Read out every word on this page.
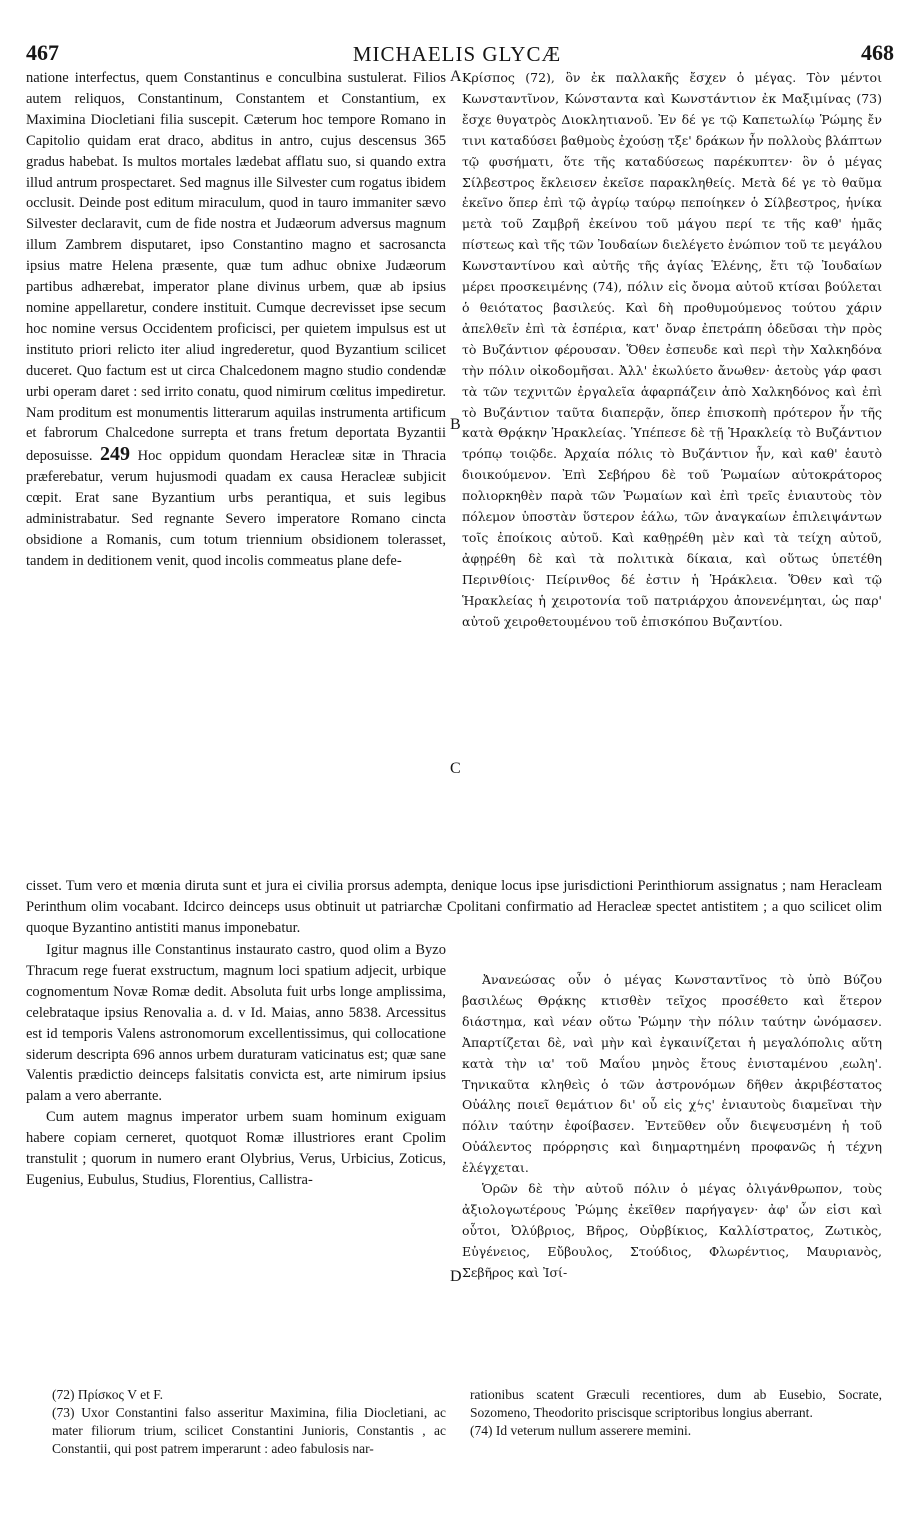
467	MICHAELIS GLYCÆ	468
A
B
C
D

natione interfectus, quem Constantinus e conculbina sustulerat. Filios autem reliquos, Constantinum, Constantem et Constantium, ex Maximina Diocletiani filia suscepit. Cæterum hoc tempore Romano in Capitolio quidam erat draco, abditus in antro, cujus descensus 365 gradus habebat. Is multos mortales lædebat afflatu suo, si quando extra illud antrum prospectaret. Sed magnus ille Silvester cum rogatus ibidem occlusit. Deinde post editum miraculum, quod in tauro immaniter sævo Silvester declaravit, cum de fide nostra et Judæorum adversus magnum illum Zambrem disputaret, ipso Constantino magno et sacrosancta ipsius matre Helena præsente, quæ tum adhuc obnixe Judæorum partibus adhærebat, imperator plane divinus urbem, quæ ab ipsius nomine appellaretur, condere instituit. Cumque decrevisset ipse secum hoc nomine versus Occidentem proficisci, per quietem impulsus est ut instituto priori relicto iter aliud ingrederetur, quod Byzantium scilicet duceret. Quo factum est ut circa Chalcedonem magno studio condendæ urbi operam daret : sed irrito conatu, quod nimirum cœlitus impediretur. Nam proditum est monumentis litterarum aquilas instrumenta artificum et fabrorum Chalcedone surrepta et trans fretum deportata Byzantii deposuisse. 249 Hoc oppidum quondam Heracleæ sitæ in Thracia præferebatur, verum hujusmodi quadam ex causa Heracleæ subjicit cœpit. Erat sane Byzantium urbs perantiqua, et suis legibus administrabatur. Sed regnante Severo imperatore Romano cincta obsidione a Romanis, cum totum triennium obsidionem tolerasset, tandem in deditionem venit, quod incolis commeatus plane defe-

Κρίσπος (72), ὃν ἐκ παλλακῆς ἔσχεν ὁ μέγας. Τὸν μέντοι Κωνσταντῖνον, Κώνσταντα καὶ Κωνστάντιον ἐκ Μαξιμίνας (73) ἔσχε θυγατρὸς Διοκλητιανοῦ. Ἐν δέ γε τῷ Καπετωλίῳ Ῥώμης ἔν τινι καταδύσει βαθμοὺς ἐχούσῃ τξε' δράκων ἦν πολλοὺς βλάπτων τῷ φυσήματι, ὅτε τῆς καταδύσεως παρέκυπτεν· ὃν ὁ μέγας Σίλβεστρος ἔκλεισεν ἐκεῖσε παρακληθείς. Μετὰ δέ γε τὸ θαῦμα ἐκεῖνο ὅπερ ἐπὶ τῷ ἀγρίῳ ταύρῳ πεποίηκεν ὁ Σίλβεστρος, ἡνίκα μετὰ τοῦ Ζαμβρῆ ἐκείνου τοῦ μάγου περί τε τῆς καθ' ἡμᾶς πίστεως καὶ τῆς τῶν Ἰουδαίων διελέγετο ἐνώπιον τοῦ τε μεγάλου Κωνσταντίνου καὶ αὐτῆς τῆς ἁγίας Ἑλένης, ἔτι τῷ Ἰουδαίων μέρει προσκειμένης (74), πόλιν εἰς ὄνομα αὐτοῦ κτίσαι βούλεται ὁ θειότατος βασιλεύς. Καὶ δὴ προθυμούμενος τούτου χάριν ἀπελθεῖν ἐπὶ τὰ ἑσπέρια, κατ' ὄναρ ἐπετράπη ὁδεῦσαι τὴν πρὸς τὸ Βυζάντιον φέρουσαν. Ὅθεν ἐσπευδε καὶ περὶ τὴν Χαλκηδόνα τὴν πόλιν οἰκοδομῆσαι. Ἀλλ' ἐκωλύετο ἄνωθεν· ἀετοὺς γάρ φασι τὰ τῶν τεχνιτῶν ἐργαλεῖα ἁφαρπάζειν ἀπὸ Χαλκηδόνος καὶ ἐπὶ τὸ Βυζάντιον ταῦτα διαπερᾷν, ὅπερ ἐπισκοπὴ πρότερον ἦν τῆς κατὰ Θρᾴκην Ἡρακλείας. Ὑπέπεσε δὲ τῇ Ἡρακλείᾳ τὸ Βυζάντιον τρόπῳ τοιῷδε. Ἀρχαία πόλις τὸ Βυζάντιον ἦν, καὶ καθ' ἑαυτὸ διοικούμενον. Ἐπὶ Σεβήρου δὲ τοῦ Ῥωμαίων αὐτοκράτορος πολιορκηθὲν παρὰ τῶν Ῥωμαίων καὶ ἐπὶ τρεῖς ἐνιαυτοὺς τὸν πόλεμον ὑποστὰν ὕστερον ἑάλω, τῶν ἀναγκαίων ἐπιλειψάντων τοῖς ἐποίκοις αὐτοῦ. Καὶ καθῃρέθη μὲν καὶ τὰ τείχη αὐτοῦ, ἀφῃρέθη δὲ καὶ τὰ πολιτικὰ δίκαια, καὶ οὕτως ὑπετέθη Περινθίοις· Πείρινθος δέ ἐστιν ἡ Ἡράκλεια. Ὅθεν καὶ τῷ Ἡρακλείας ἡ χειροτονία τοῦ πατριάρχου ἀπονενέμηται, ὡς παρ' αὐτοῦ χειροθετουμένου τοῦ ἐπισκόπου Βυζαντίου.

cisset. Tum vero et mœnia diruta sunt et jura ei civilia prorsus adempta, denique locus ipse jurisdictioni Perinthiorum assignatus ; nam Heracleam Perinthum olim vocabant. Idcirco deinceps usus obtinuit ut patriarchæ Cpolitani confirmatio ad Heracleæ spectet antistitem ; a quo scilicet olim quoque Byzantino antistiti manus imponebatur.

Igitur magnus ille Constantinus instaurato castro, quod olim a Byzo Thracum rege fuerat exstructum, magnum loci spatium adjecit, urbique cognomentum Novæ Romæ dedit. Absoluta fuit urbs longe amplissima, celebrataque ipsius Renovalia a. d. v Id. Maias, anno 5838. Arcessitus est id temporis Valens astronomorum excellentissimus, qui collocatione siderum descripta 696 annos urbem duraturam vaticinatus est; quæ sane Valentis prædictio deinceps falsitatis convicta est, arte nimirum ipsius palam a vero aberrante.

Cum autem magnus imperator urbem suam hominum exiguam habere copiam cerneret, quotquot Romæ illustriores erant Cpolim transtulit ; quorum in numero erant Olybrius, Verus, Urbicius, Zoticus, Eugenius, Eubulus, Studius, Florentius, Callistra-

Ἀνανεώσας οὖν ὁ μέγας Κωνσταντῖνος τὸ ὑπὸ Βύζου βασιλέως Θρᾴκης κτισθὲν τεῖχος προσέθετο καὶ ἕτερον διάστημα, καὶ νέαν οὕτω Ῥώμην τὴν πόλιν ταύτην ὠνόμασεν. Ἀπαρτίζεται δὲ, ναὶ μὴν καὶ ἐγκαινίζεται ἡ μεγαλόπολις αὕτη κατὰ τὴν ια' τοῦ Μαΐου μηνὸς ἔτους ἐνισταμένου ͵εωλη'. Τηνικαῦτα κληθεὶς ὁ τῶν ἀστρονόμων δῆθεν ἀκριβέστατος Οὐάλης ποιεῖ θεμάτιον δι' οὗ εἰς χϟς' ἐνιαυτοὺς διαμεῖναι τὴν πόλιν ταύτην ἐφοίβασεν. Ἐντεῦθεν οὖν διεψευσμένη ἡ τοῦ Οὐάλεντος πρόρρησις καὶ διημαρτημένη προφανῶς ἡ τέχνη ἐλέγχεται.

Ὁρῶν δὲ τὴν αὐτοῦ πόλιν ὁ μέγας ὀλιγάνθρωπον, τοὺς ἀξιολογωτέρους Ῥώμης ἐκεῖθεν παρήγαγεν· ἀφ' ὧν εἰσι καὶ οὗτοι, Ὀλύβριος, Βῆρος, Οὐρβίκιος, Καλλίστρατος, Ζωτικὸς, Εὐγένειος, Εὔβουλος, Στούδιος, Φλωρέντιος, Μαυριανὸς, Σεβῆρος καὶ Ἰσί-

(72) Πρίσκος V et F.

(73) Uxor Constantini falso asseritur Maximina, filia Diocletiani, ac mater filiorum trium, scilicet Constantini Junioris, Constantis , ac Constantii, qui post patrem imperarunt : adeo fabulosis nar-

rationibus scatent Græculi recentiores, dum ab Eusebio, Socrate, Sozomeno, Theodorito priscisque scriptoribus longius aberrant.

(74) Id veterum nullum asserere memini.
